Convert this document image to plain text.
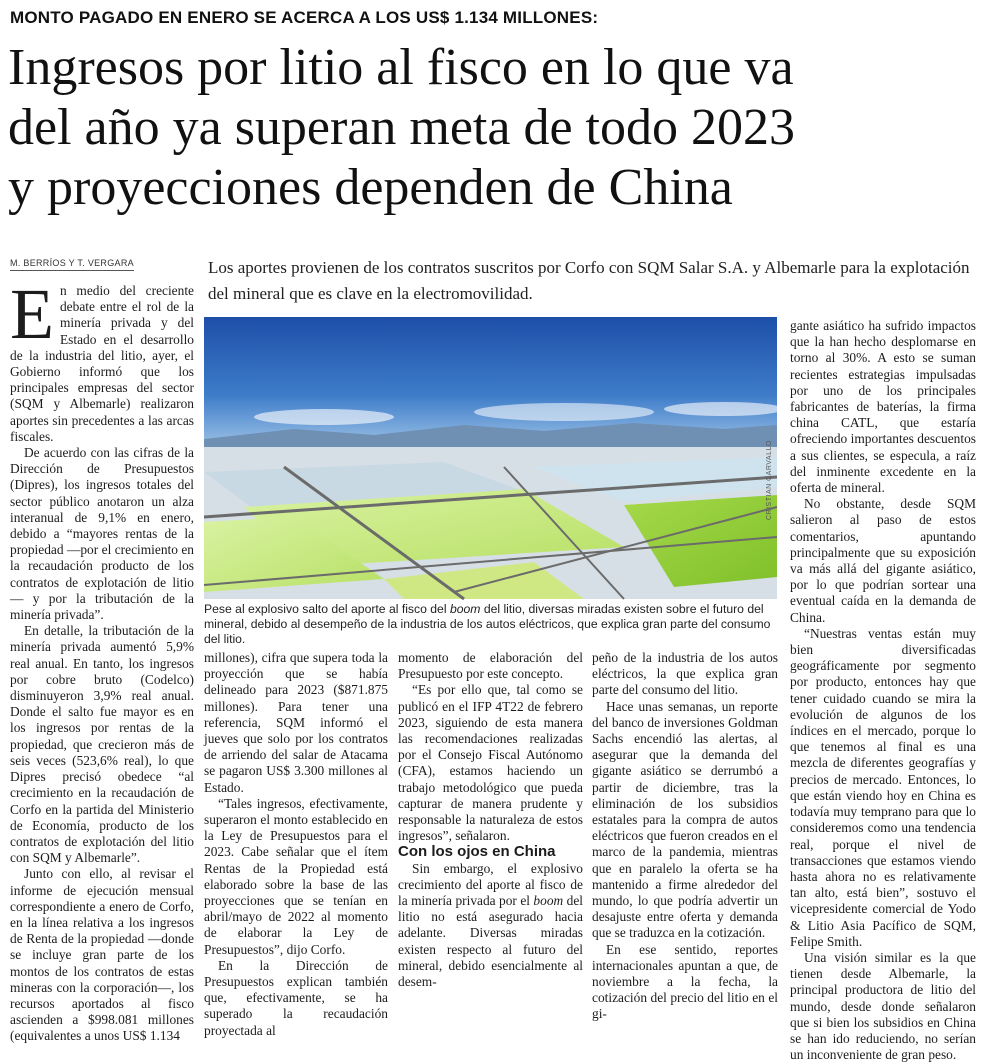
MONTO PAGADO EN ENERO SE ACERCA A LOS US$ 1.134 MILLONES:
Ingresos por litio al fisco en lo que va
del año ya superan meta de todo 2023
y proyecciones dependen de China
M. BERRÍOS Y T. VERGARA	Los aportes provienen de los contratos suscritos por Corfo con SQM Salar S.A. y Albemarle para la explotación del mineral que es clave en la electromovilidad.

En medio del creciente debate entre el rol de la minería privada y del Estado en el desarrollo de la industria del litio, ayer, el Gobierno informó que los principales empresas del sector (SQM y Albemarle) realizaron aportes sin precedentes a las arcas fiscales.

De acuerdo con las cifras de la Dirección de Presupuestos (Dipres), los ingresos totales del sector público anotaron un alza interanual de 9,1% en enero, debido a “mayores rentas de la propiedad —por el crecimiento en la recaudación producto de los contratos de explotación de litio— y por la tributación de la minería privada”.

En detalle, la tributación de la minería privada aumentó 5,9% real anual. En tanto, los ingresos por cobre bruto (Codelco) disminuyeron 3,9% real anual. Donde el salto fue mayor es en los ingresos por rentas de la propiedad, que crecieron más de seis veces (523,6% real), lo que Dipres precisó obedece “al crecimiento en la recaudación de Corfo en la partida del Ministerio de Economía, producto de los contratos de explotación del litio con SQM y Albemarle”.

Junto con ello, al revisar el informe de ejecución mensual correspondiente a enero de Corfo, en la línea relativa a los ingresos de Renta de la propiedad —donde se incluye gran parte de los montos de los contratos de estas mineras con la corporación—, los recursos aportados al fisco ascienden a $998.081 millones (equivalentes a unos US$ 1.134

CRISTIAN CARVALLO
Pese al explosivo salto del aporte al fisco del boom del litio, diversas miradas existen sobre el futuro del mineral, debido al desempeño de la industria de los autos eléctricos, que explica gran parte del consumo del litio.

millones), cifra que supera toda la proyección que se había delineado para 2023 ($871.875 millones). Para tener una referencia, SQM informó el jueves que solo por los contratos de arriendo del salar de Atacama se pagaron US$ 3.300 millones al Estado.

“Tales ingresos, efectivamente, superaron el monto establecido en la Ley de Presupuestos para el 2023. Cabe señalar que el ítem Rentas de la Propiedad está elaborado sobre la base de las proyecciones que se tenían en abril/mayo de 2022 al momento de elaborar la Ley de Presupuestos”, dijo Corfo.

En la Dirección de Presupuestos explican también que, efectivamente, se ha superado la recaudación proyectada al

momento de elaboración del Presupuesto por este concepto.

“Es por ello que, tal como se publicó en el IFP 4T22 de febrero 2023, siguiendo de esta manera las recomendaciones realizadas por el Consejo Fiscal Autónomo (CFA), estamos haciendo un trabajo metodológico que pueda capturar de manera prudente y responsable la naturaleza de estos ingresos”, señalaron.

Con los ojos en China

Sin embargo, el explosivo crecimiento del aporte al fisco de la minería privada por el boom del litio no está asegurado hacia adelante. Diversas miradas existen respecto al futuro del mineral, debido esencialmente al desem-

peño de la industria de los autos eléctricos, la que explica gran parte del consumo del litio.

Hace unas semanas, un reporte del banco de inversiones Goldman Sachs encendió las alertas, al asegurar que la demanda del gigante asiático se derrumbó a partir de diciembre, tras la eliminación de los subsidios estatales para la compra de autos eléctricos que fueron creados en el marco de la pandemia, mientras que en paralelo la oferta se ha mantenido a firme alrededor del mundo, lo que podría advertir un desajuste entre oferta y demanda que se traduzca en la cotización.

En ese sentido, reportes internacionales apuntan a que, de noviembre a la fecha, la cotización del precio del litio en el gi-

gante asiático ha sufrido impactos que la han hecho desplomarse en torno al 30%. A esto se suman recientes estrategias impulsadas por uno de los principales fabricantes de baterías, la firma china CATL, que estaría ofreciendo importantes descuentos a sus clientes, se especula, a raíz del inminente excedente en la oferta de mineral.

No obstante, desde SQM salieron al paso de estos comentarios, apuntando principalmente que su exposición va más allá del gigante asiático, por lo que podrían sortear una eventual caída en la demanda de China.

“Nuestras ventas están muy bien diversificadas geográficamente por segmento por producto, entonces hay que tener cuidado cuando se mira la evolución de algunos de los índices en el mercado, porque lo que tenemos al final es una mezcla de diferentes geografías y precios de mercado. Entonces, lo que están viendo hoy en China es todavía muy temprano para que lo consideremos como una tendencia real, porque el nivel de transacciones que estamos viendo hasta ahora no es relativamente tan alto, está bien”, sostuvo el vicepresidente comercial de Yodo & Litio Asia Pacífico de SQM, Felipe Smith.

Una visión similar es la que tienen desde Albemarle, la principal productora de litio del mundo, desde donde señalaron que si bien los subsidios en China se han ido reduciendo, no serían un inconveniente de gran peso.
